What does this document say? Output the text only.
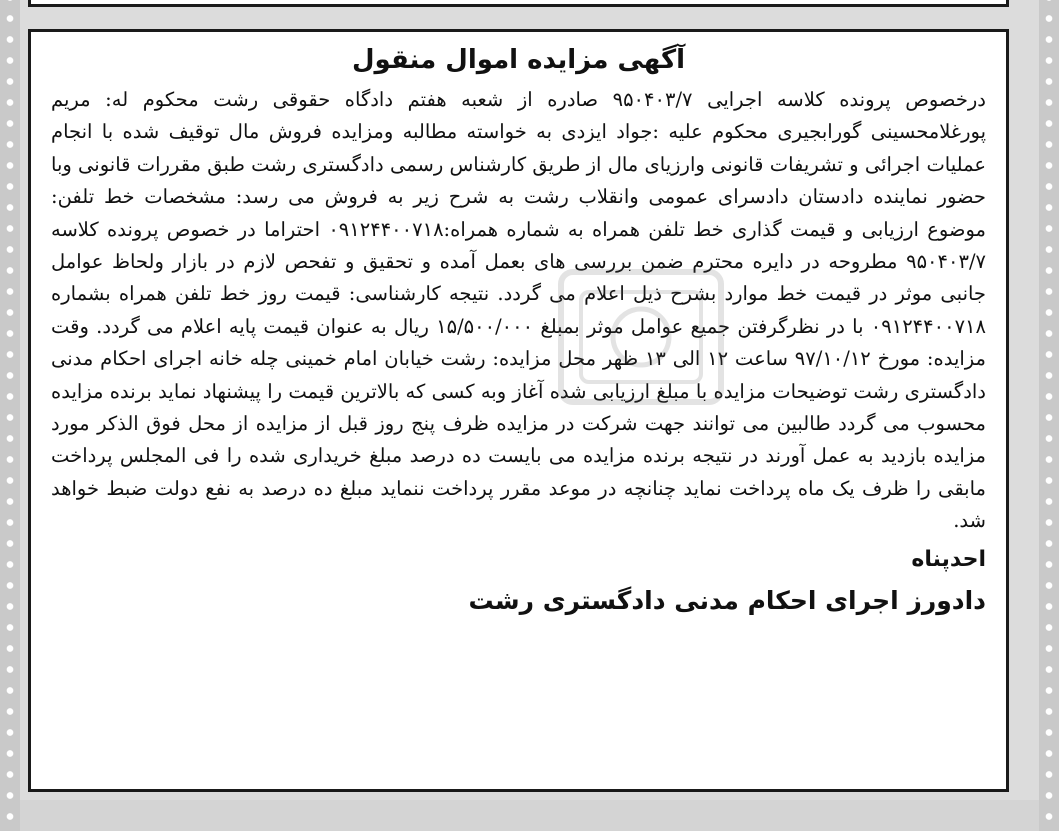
آگهی مزایده اموال منقول

درخصوص پرونده کلاسه اجرایی ۹۵۰۴۰۳/۷ صادره از شعبه هفتم دادگاه حقوقی رشت محکوم له: مریم پورغلامحسینی گورابجیری محکوم علیه :جواد ایزدی به خواسته مطالبه ومزایده فروش مال توقیف شده با انجام عملیات اجرائی و تشریفات قانونی وارزیای مال از طریق کارشناس رسمی دادگستری رشت طبق مقررات قانونی وبا حضور نماینده دادستان دادسرای عمومی وانقلاب رشت به شرح زیر به فروش می رسد: مشخصات خط تلفن: موضوع ارزیابی و قیمت گذاری خط تلفن همراه به شماره همراه:۰۹۱۲۴۴۰۰۷۱۸ احتراما در خصوص پرونده کلاسه ۹۵۰۴۰۳/۷ مطروحه در دایره محترم ضمن بررسی های بعمل آمده و تحقیق و تفحص لازم در بازار ولحاظ عوامل جانبی موثر در قیمت خط موارد بشرح ذیل اعلام می گردد. نتیجه کارشناسی: قیمت روز خط تلفن همراه بشماره ۰۹۱۲۴۴۰۰۷۱۸ با در نظرگرفتن جمیع عوامل موثر بمبلغ ۱۵/۵۰۰/۰۰۰ ریال به عنوان قیمت پایه اعلام می گردد. وقت مزایده: مورخ ۹۷/۱۰/۱۲ ساعت ۱۲ الی ۱۳ ظهر محل مزایده: رشت خیابان امام خمینی چله خانه اجرای احکام مدنی دادگستری رشت توضیحات مزایده با مبلغ ارزیابی شده آغاز وبه کسی که بالاترین قیمت را پیشنهاد نماید برنده مزایده محسوب می گردد طالبین می توانند جهت شرکت در مزایده ظرف پنج روز قبل از مزایده از محل فوق الذکر مورد مزایده بازدید به عمل آورند در نتیجه برنده مزایده می بایست ده درصد مبلغ خریداری شده را فی المجلس پرداخت مابقی را ظرف یک ماه پرداخت نماید چنانچه در موعد مقرر پرداخت ننماید مبلغ ده درصد به نفع دولت ضبط خواهد شد.

احدپناه
دادورز اجرای احکام مدنی دادگستری رشت
